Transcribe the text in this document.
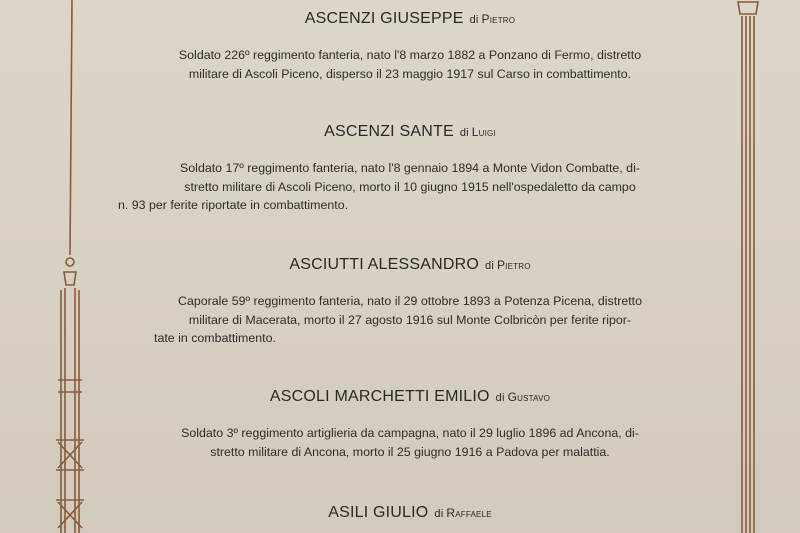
ASCENZI GIUSEPPE di Pietro
Soldato 226º reggimento fanteria, nato l'8 marzo 1882 a Ponzano di Fermo, distretto
militare di Ascoli Piceno, disperso il 23 maggio 1917 sul Carso in combattimento.
ASCENZI SANTE di Luigi
Soldato 17º reggimento fanteria, nato l'8 gennaio 1894 a Monte Vidon Combatte, di-
stretto militare di Ascoli Piceno, morto il 10 giugno 1915 nell'ospedaletto da campo
n. 93 per ferite riportate in combattimento.
ASCIUTTI ALESSANDRO di Pietro
Caporale 59º reggimento fanteria, nato il 29 ottobre 1893 a Potenza Picena, distretto
militare di Macerata, morto il 27 agosto 1916 sul Monte Colbricòn per ferite ripor-
tate in combattimento.
ASCOLI MARCHETTI EMILIO di Gustavo
Soldato 3º reggimento artiglieria da campagna, nato il 29 luglio 1896 ad Ancona, di-
stretto militare di Ancona, morto il 25 giugno 1916 a Padova per malattia.
ASILI GIULIO di Raffaele
